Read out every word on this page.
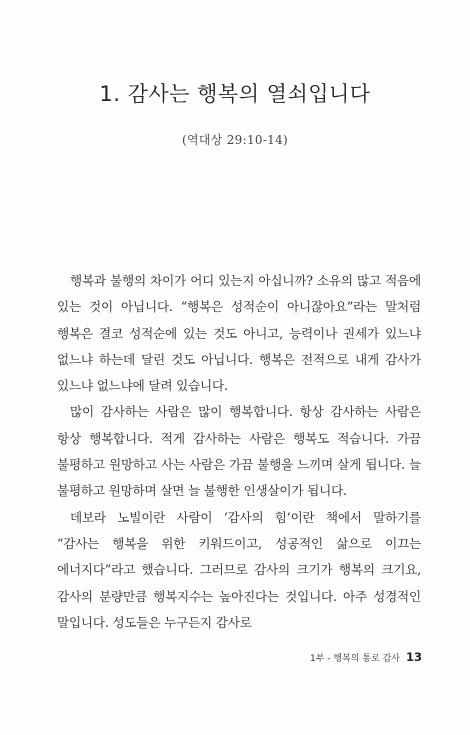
1. 감사는 행복의 열쇠입니다
(역대상 29:10-14)

행복과 불행의 차이가 어디 있는지 아십니까? 소유의 많고 적음에 있는 것이 아닙니다. “행복은 성적순이 아니잖아요”라는 말처럼 행복은 결코 성적순에 있는 것도 아니고, 능력이나 권세가 있느냐 없느냐 하는데 달린 것도 아닙니다. 행복은 전적으로 내게 감사가 있느냐 없느냐에 달려 있습니다.

많이 감사하는 사람은 많이 행복합니다. 항상 감사하는 사람은 항상 행복합니다. 적게 감사하는 사람은 행복도 적습니다. 가끔 불평하고 원망하고 사는 사람은 가끔 불행을 느끼며 살게 됩니다. 늘 불평하고 원망하며 살면 늘 불행한 인생살이가 됩니다.

데보라 노빌이란 사람이 ‘감사의 힘’이란 책에서 말하기를 “감사는 행복을 위한 키워드이고, 성공적인 삶으로 이끄는 에너지다”라고 했습니다. 그러므로 감사의 크기가 행복의 크기요, 감사의 분량만큼 행복지수는 높아진다는 것입니다. 아주 성경적인 말입니다. 성도들은 누구든지 감사로

1부 - 행복의 통로 감사 13
